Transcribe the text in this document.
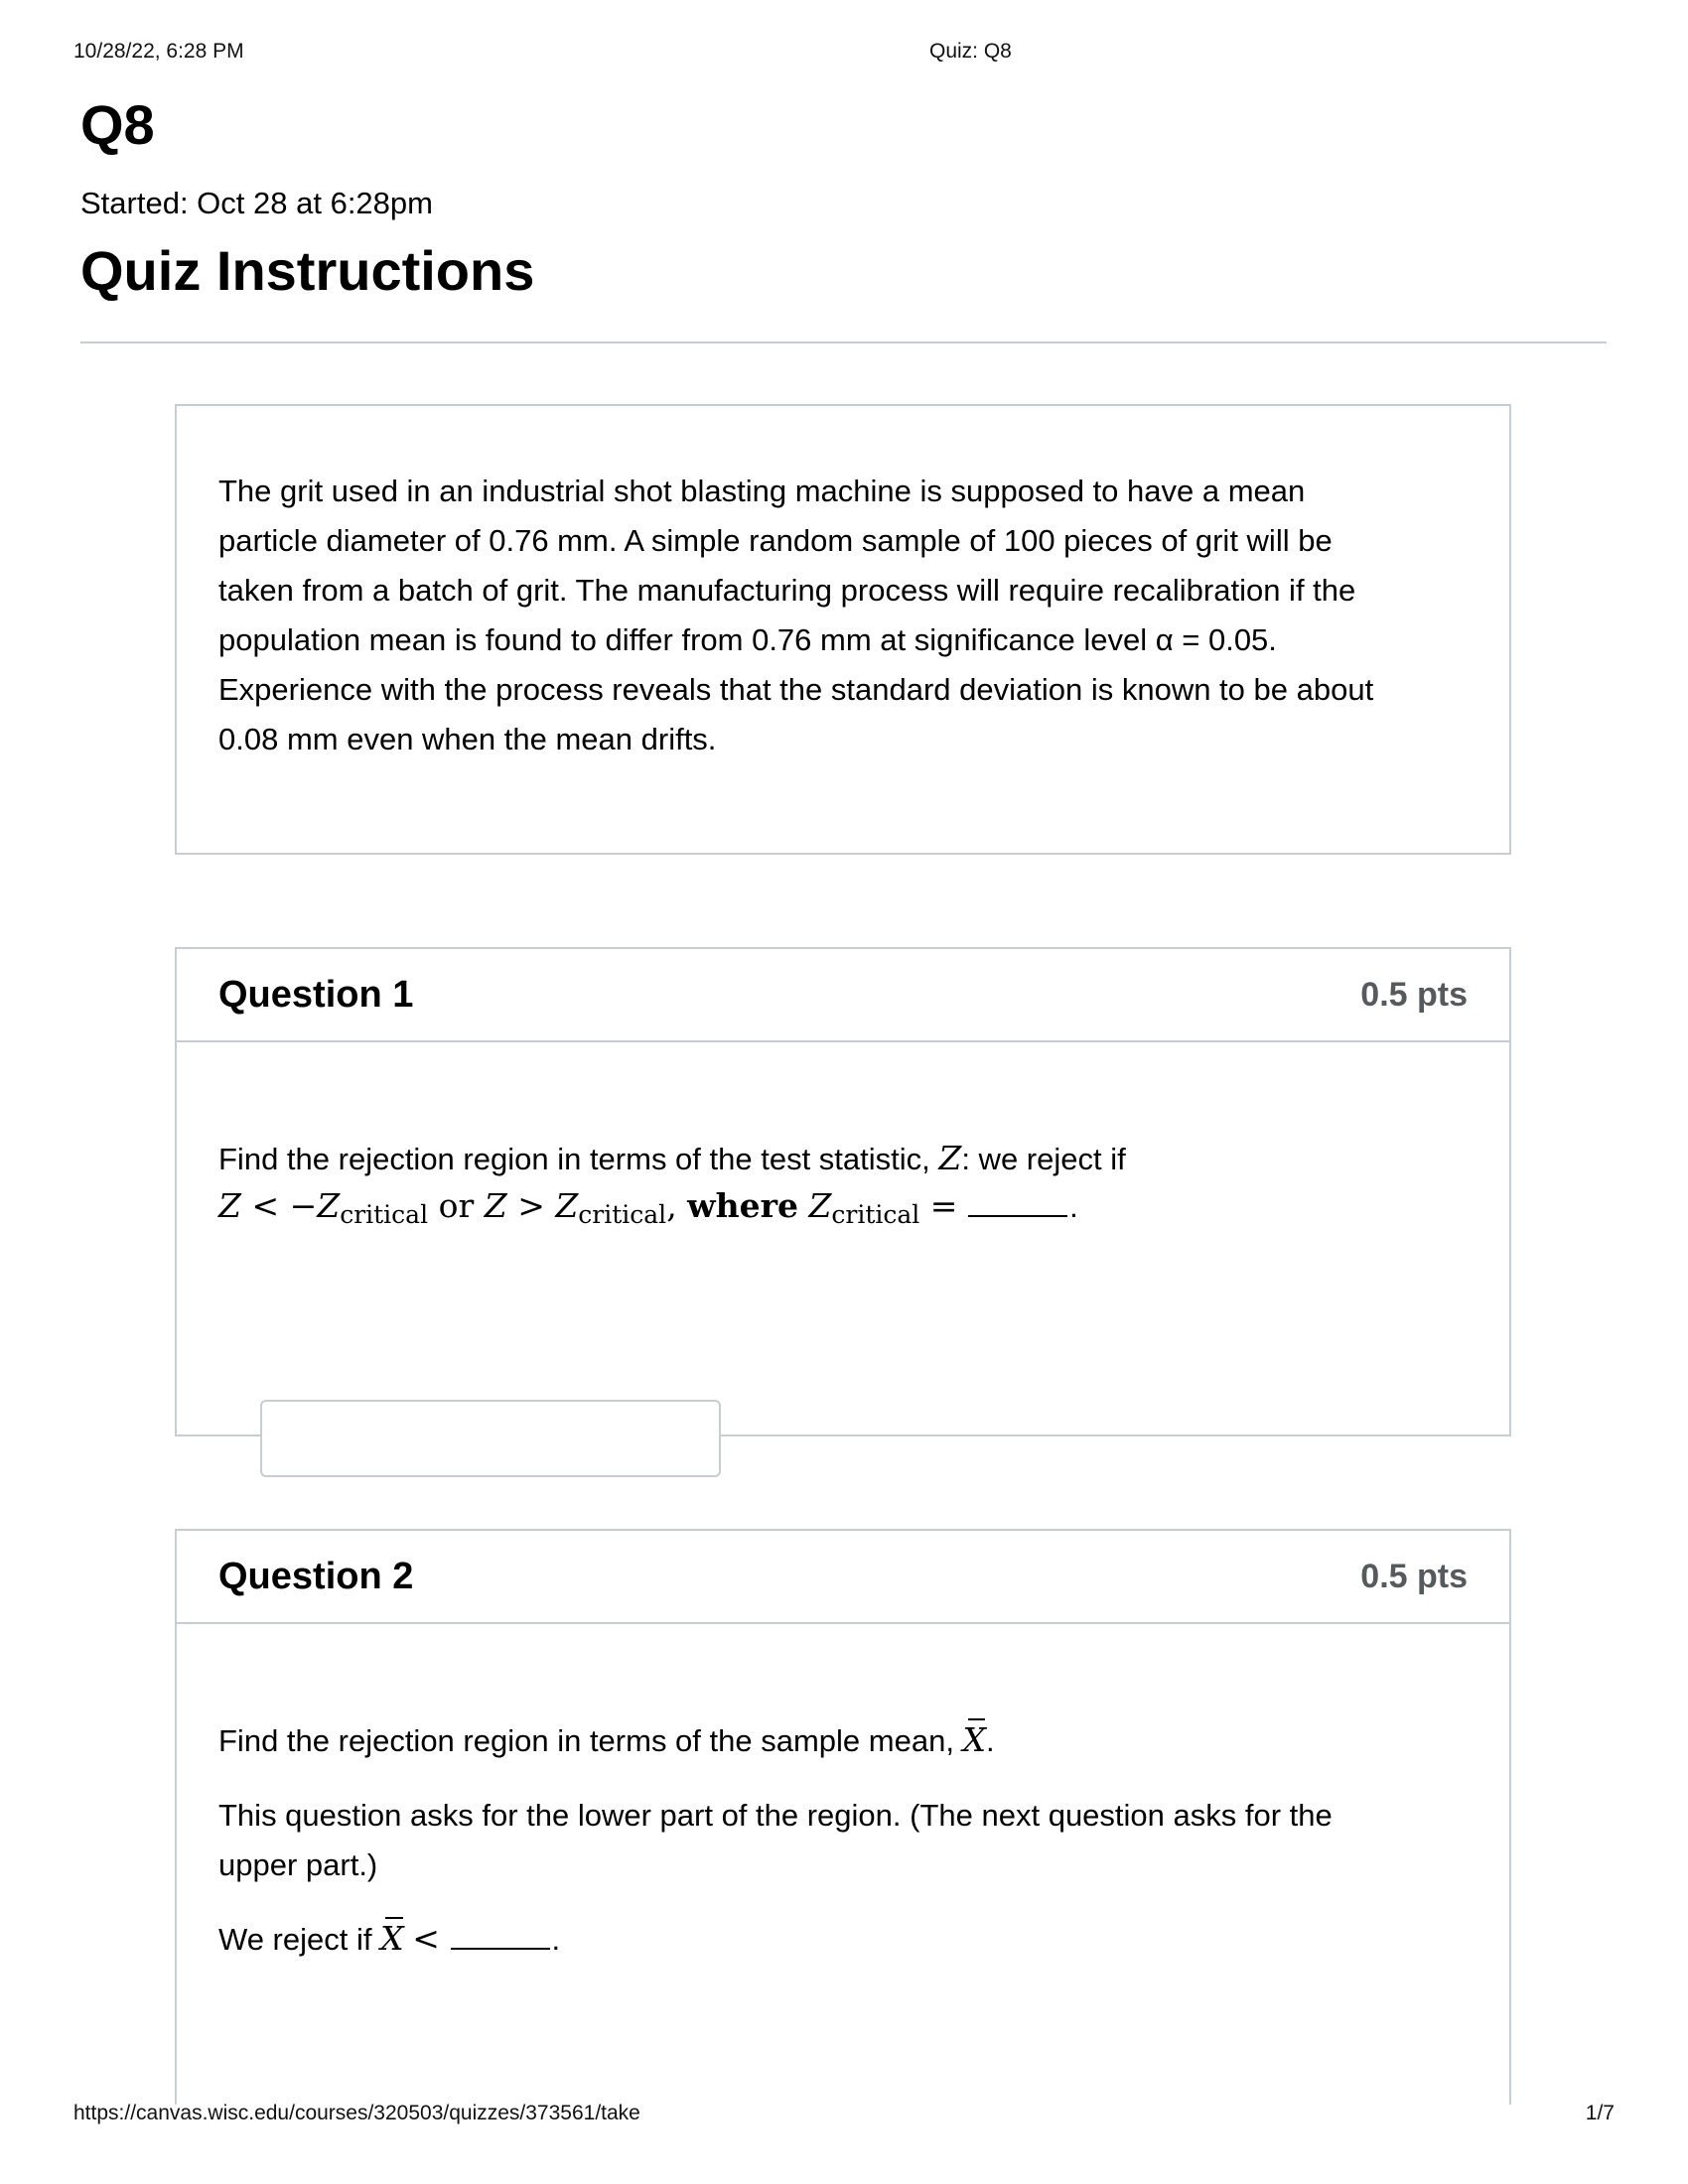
10/28/22, 6:28 PM	Quiz: Q8
Q8
Started: Oct 28 at 6:28pm
Quiz Instructions
The grit used in an industrial shot blasting machine is supposed to have a mean
particle diameter of 0.76 mm. A simple random sample of 100 pieces of grit will be
taken from a batch of grit. The manufacturing process will require recalibration if the
population mean is found to differ from 0.76 mm at significance level α = 0.05.
Experience with the process reveals that the standard deviation is known to be about
0.08 mm even when the mean drifts.
Question 1	0.5 pts

Find the rejection region in terms of the test statistic, Z: we reject if

$Z < -Z_{critical}$ or $Z > Z_{critical}$, where $Z_{critical}$ =	.

Question 2	0.5 pts

Find the rejection region in terms of the sample mean, X.

This question asks for the lower part of the region. (The next question asks for the

upper part.)

We reject if X <	.

https://canvas.wisc.edu/courses/320503/quizzes/373561/take	1/7
